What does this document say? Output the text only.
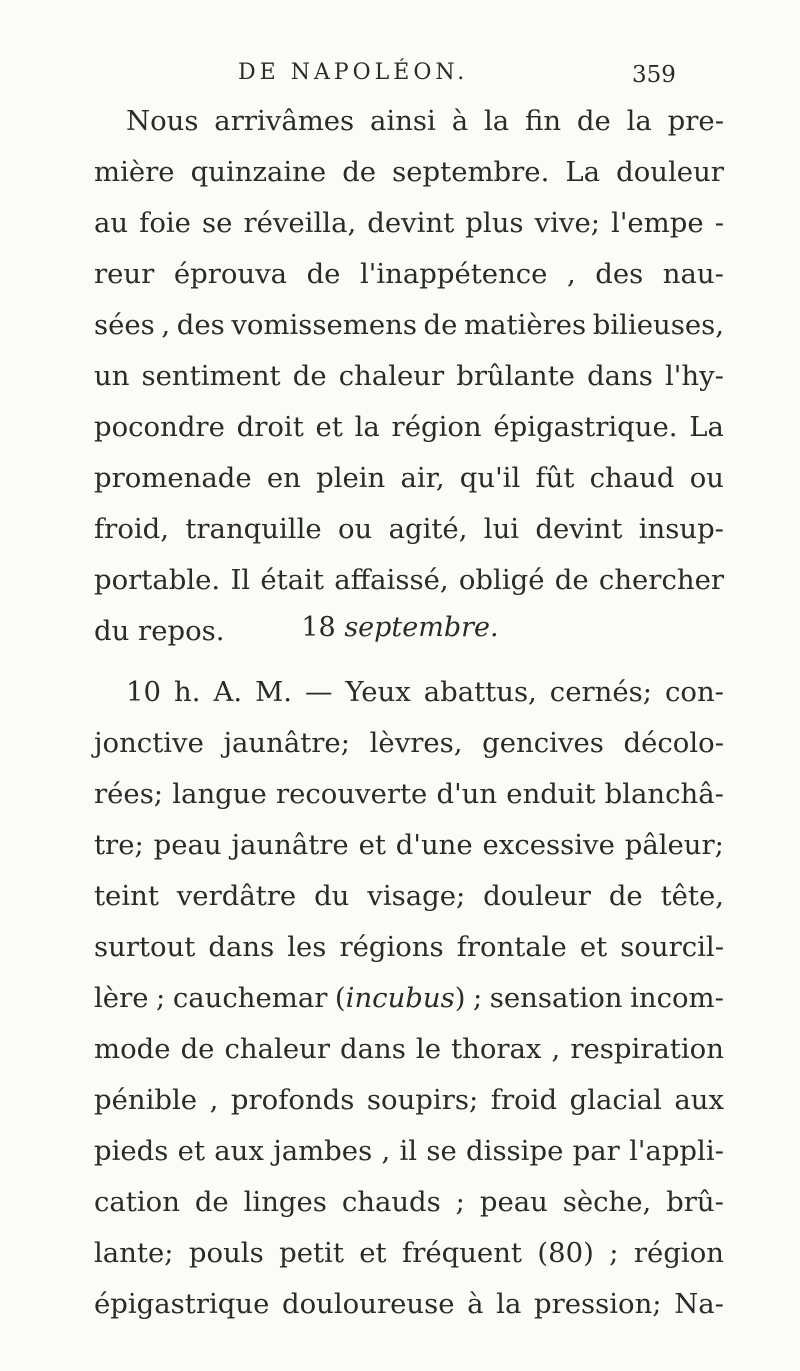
DE NAPOLÉON.	359
Nous arrivâmes ainsi à la fin de la pre-
mière quinzaine de septembre. La douleur
au foie se réveilla, devint plus vive; l'empe -
reur éprouva de l'inappétence , des nau-
sées , des vomissemens de matières bilieuses,
un sentiment de chaleur brûlante dans l'hy-
pocondre droit et la région épigastrique. La
promenade en plein air, qu'il fût chaud ou
froid, tranquille ou agité, lui devint insup-
portable. Il était affaissé, obligé de chercher
du repos.	18 septembre.
10 h. A. M. — Yeux abattus, cernés; con-
jonctive jaunâtre; lèvres, gencives décolo-
rées; langue recouverte d'un enduit blanchâ-
tre; peau jaunâtre et d'une excessive pâleur;
teint verdâtre du visage; douleur de tête,
surtout dans les régions frontale et sourcil-
lère ; cauchemar (incubus) ; sensation incom-
mode de chaleur dans le thorax , respiration
pénible , profonds soupirs; froid glacial aux
pieds et aux jambes , il se dissipe par l'appli-
cation de linges chauds ; peau sèche, brû-
lante; pouls petit et fréquent (80) ; région
épigastrique douloureuse à la pression; Na-
